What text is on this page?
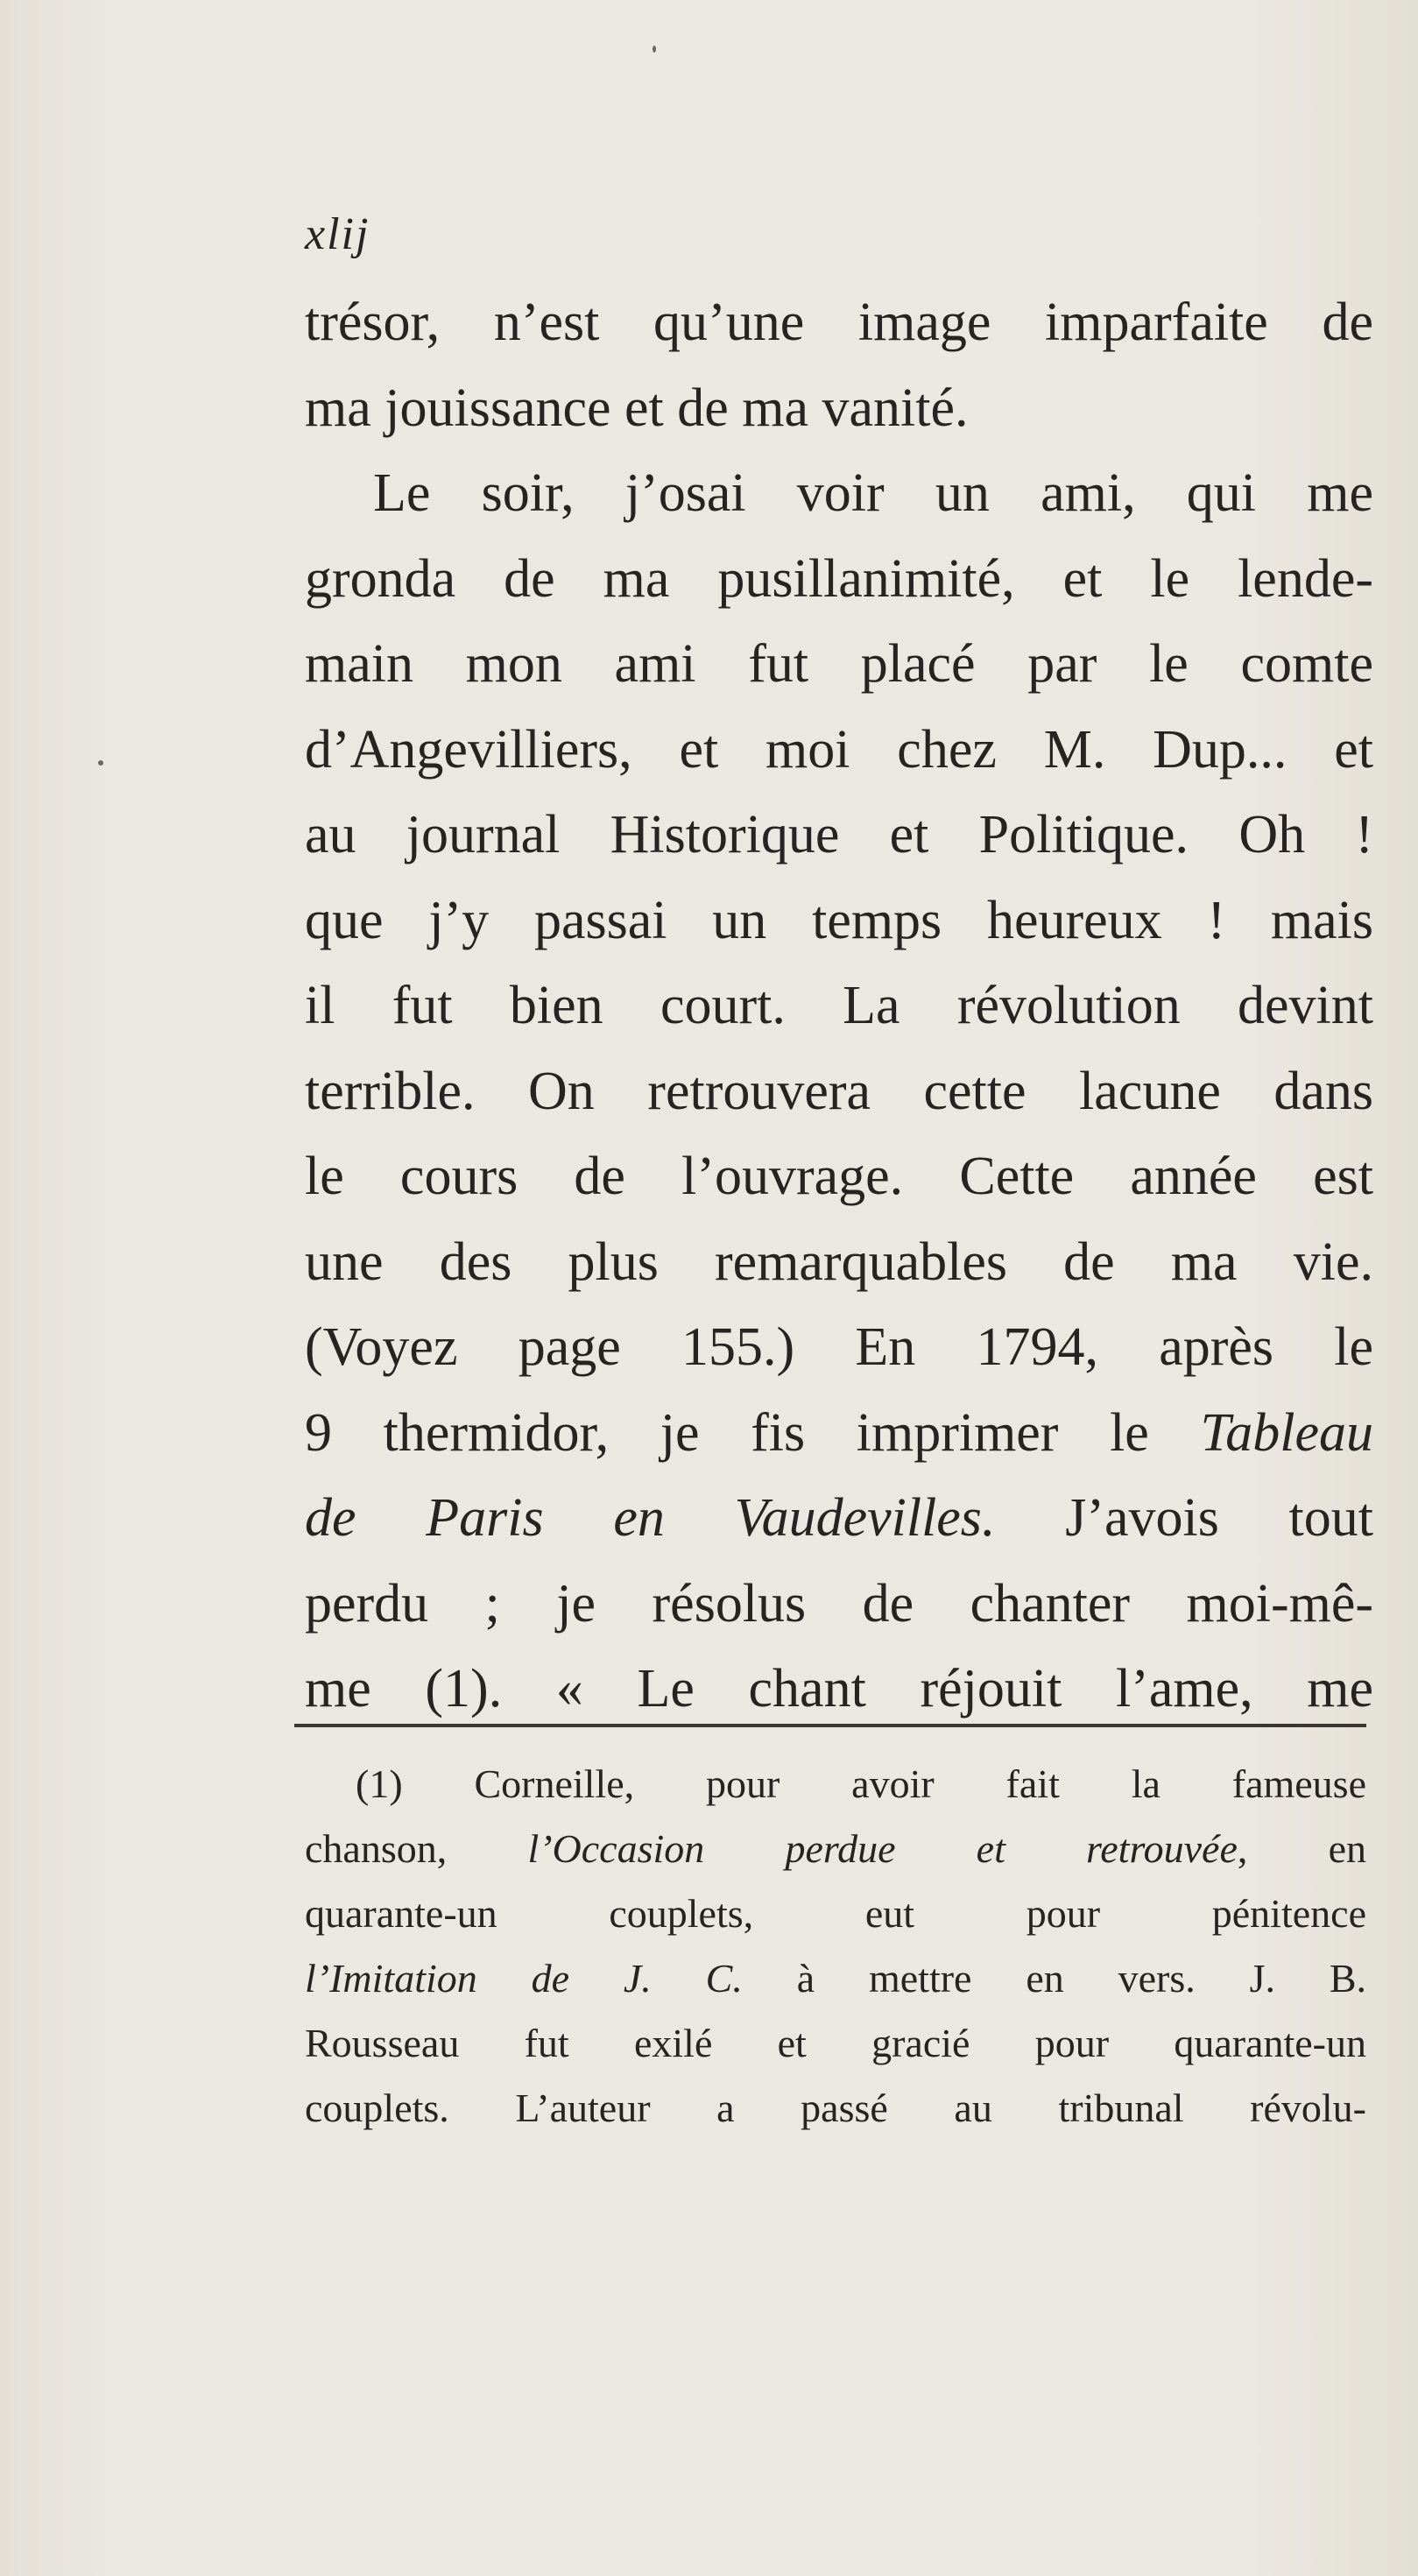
xlij
trésor, n’est qu’une image imparfaite de
ma jouissance et de ma vanité.
Le soir, j’osai voir un ami, qui me
gronda de ma pusillanimité, et le lende-
main mon ami fut placé par le comte
d’Angevilliers, et moi chez M. Dup... et
au journal Historique et Politique. Oh !
que j’y passai un temps heureux ! mais
il fut bien court. La révolution devint
terrible. On retrouvera cette lacune dans
le cours de l’ouvrage. Cette année est
une des plus remarquables de ma vie.
(Voyez page 155.) En 1794, après le
9 thermidor, je fis imprimer le Tableau
de Paris en Vaudevilles. J’avois tout
perdu ; je résolus de chanter moi-mê-
me (1). « Le chant réjouit l’ame, me
(1) Corneille, pour avoir fait la fameuse
chanson, l’Occasion perdue et retrouvée, en
quarante-un couplets, eut pour pénitence
l’Imitation de J. C. à mettre en vers. J. B.
Rousseau fut exilé et gracié pour quarante-un
couplets. L’auteur a passé au tribunal révolu-
